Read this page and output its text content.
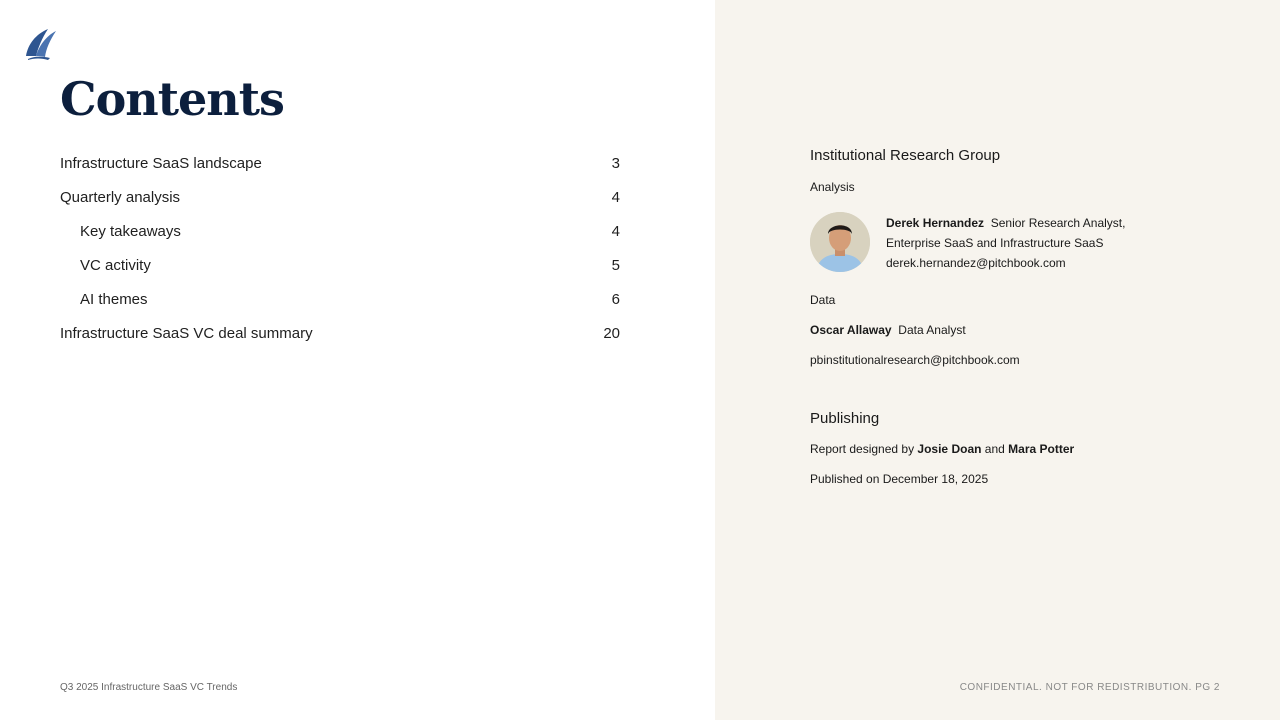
Contents
Infrastructure SaaS landscape	3
Quarterly analysis	4
Key takeaways	4
VC activity	5
AI themes	6
Infrastructure SaaS VC deal summary	20
Q3 2025 Infrastructure SaaS VC Trends	CONFIDENTIAL. NOT FOR REDISTRIBUTION. PG 2
Institutional Research Group
Analysis
Derek Hernandez Senior Research Analyst,
Enterprise SaaS and Infrastructure SaaS
derek.hernandez@pitchbook.com
Data
Oscar Allaway Data Analyst
pbinstitutionalresearch@pitchbook.com
Publishing
Report designed by Josie Doan and Mara Potter
Published on December 18, 2025
